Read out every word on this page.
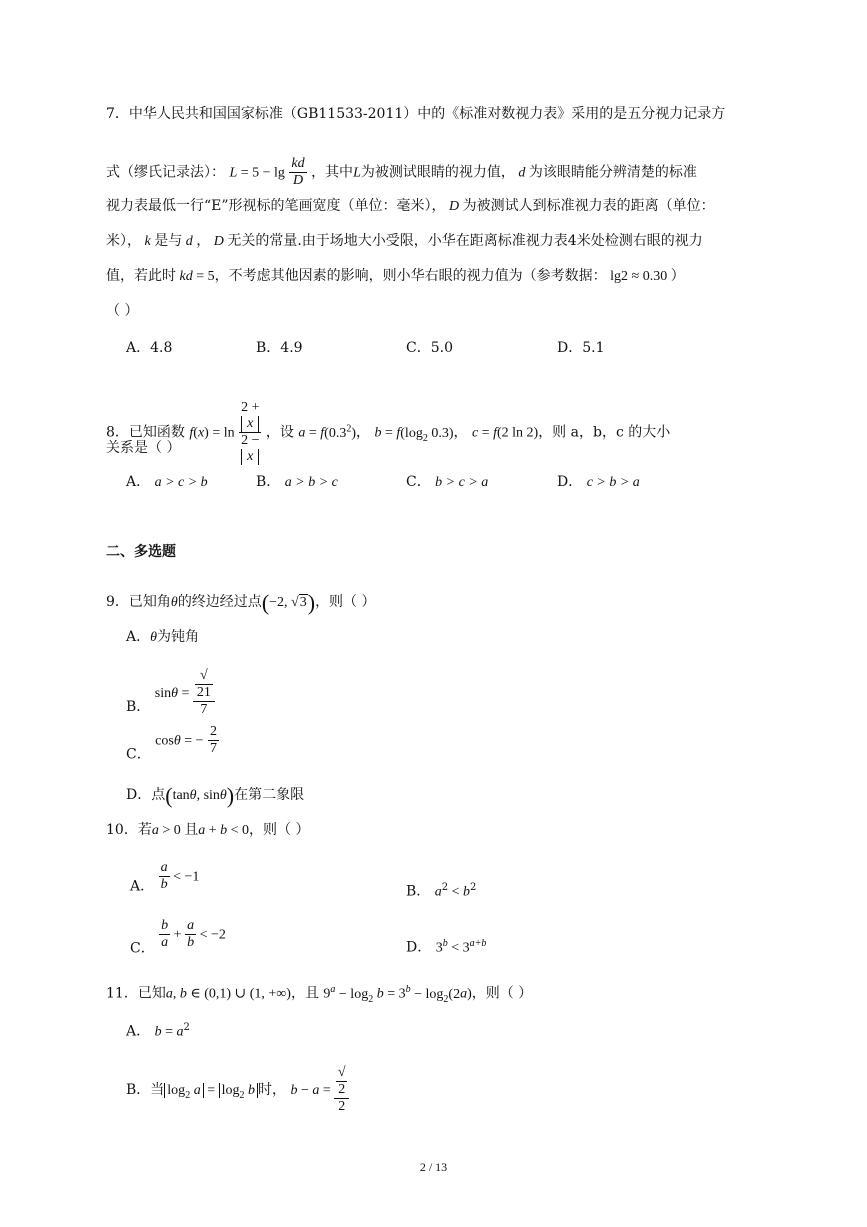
7．中华人民共和国国家标准（GB11533-2011）中的《标准对数视力表》采用的是五分视力记录方
式（缪氏记录法）： $L = 5 - \lg \frac{kd}{D}$ ，其中L为被测试眼睛的视力值， d 为该眼睛能分辨清楚的标准
视力表最低一行“E”形视标的笔画宽度（单位：毫米）， D 为被测试人到标准视力表的距离（单位：
米）， k 是与 d ， D 无关的常量.由于场地大小受限，小华在距离标准视力表4米处检测右眼的视力
值，若此时 kd = 5，不考虑其他因素的影响，则小华右眼的视力值为（参考数据： lg2 ≈ 0.30 ）
（ ）
A．4.8	B．4.9	C．5.0	D．5.1
8．已知函数 f(x) = ln 2 +
x
2 −
x ，设 $a = f(0.3^2)$， $b = f(\log_2$ 0.3)， c = f(2 ln 2)，则 a，b，c 的大小
关系是（ ）
A． a > c > b	B． a > b > c	C． b > c > a	D． c > b > a
二、多选题
9．已知角θ的终边经过点(−2, √3)，则（ ）
A．θ为钝角
B． sinθ = √
21
7
C． cosθ = − $\frac{2}{7}$
D．点(tanθ, sinθ)在第二象限
10．若a > 0 且a + b < 0，则（ ）
A． $\frac{a}{b} < -1$
B． $a^2 < b^2$
C． $\frac{b}{a} + \frac{a}{b} < -2$
D． $3^b < 3^{a+b}$
11．已知a, b ∈ (0,1) ∪ (1, +∞)，且 $9^a - \log_2 b = 3^b - \log_2(2a)$，则（ ）
A． $b = a^2$
B．当 $\log_2 a = \log_2 b$ 时， b − a = √
2
2
2 / 13
